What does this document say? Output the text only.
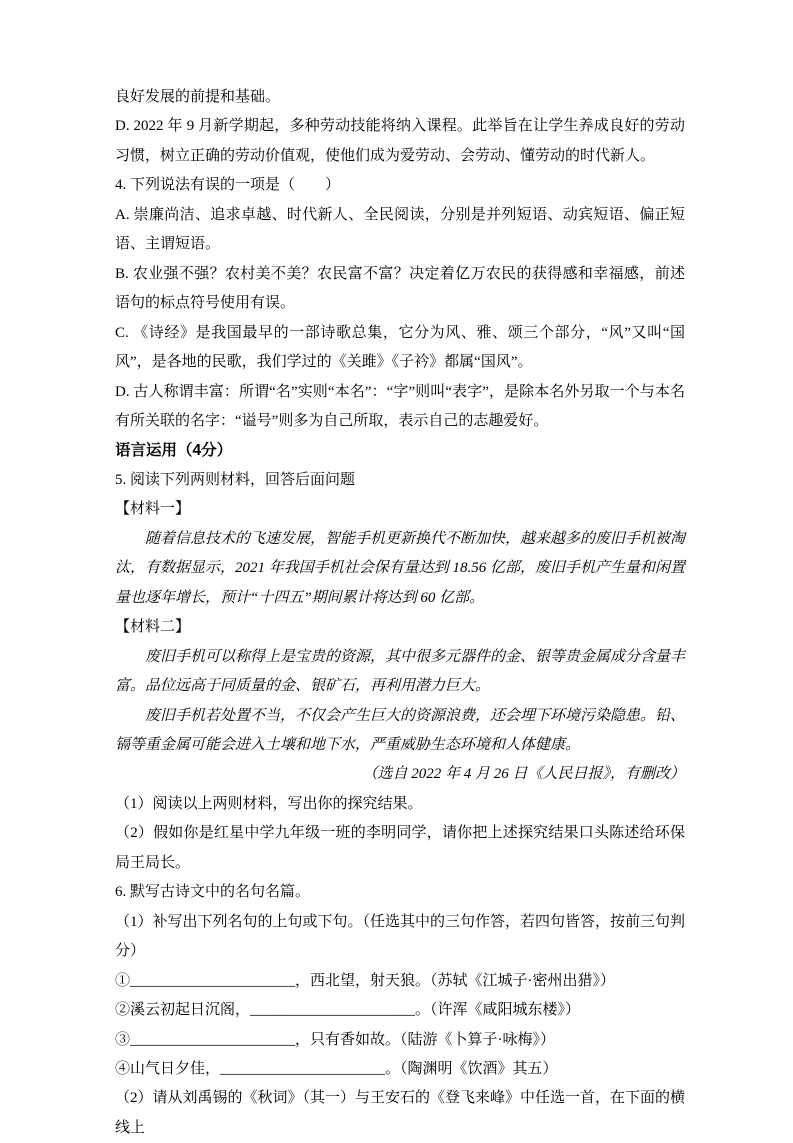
良好发展的前提和基础。

D. 2022 年 9 月新学期起，多种劳动技能将纳入课程。此举旨在让学生养成良好的劳动习惯，树立正确的劳动价值观，使他们成为爱劳动、会劳动、懂劳动的时代新人。

4. 下列说法有误的一项是（　　）

A. 崇廉尚洁、追求卓越、时代新人、全民阅读，分别是并列短语、动宾短语、偏正短语、主谓短语。

B. 农业强不强？农村美不美？农民富不富？决定着亿万农民的获得感和幸福感，前述语句的标点符号使用有误。

C. 《诗经》是我国最早的一部诗歌总集，它分为风、雅、颂三个部分，“风”又叫“国风”，是各地的民歌，我们学过的《关雎》《子衿》都属“国风”。

D. 古人称谓丰富：所谓“名”实则“本名”：“字”则叫“表字”，是除本名外另取一个与本名有所关联的名字：“谥号”则多为自己所取，表示自己的志趣爱好。

语言运用（4分）

5. 阅读下列两则材料，回答后面问题

【材料一】

随着信息技术的飞速发展，智能手机更新换代不断加快，越来越多的废旧手机被淘汰，有数据显示，2021 年我国手机社会保有量达到 18.56 亿部，废旧手机产生量和闲置量也逐年增长，预计“十四五”期间累计将达到 60 亿部。

【材料二】

废旧手机可以称得上是宝贵的资源，其中很多元器件的金、银等贵金属成分含量丰富。品位远高于同质量的金、银矿石，再利用潜力巨大。

废旧手机若处置不当，不仅会产生巨大的资源浪费，还会埋下环境污染隐患。铅、镉等重金属可能会进入土壤和地下水，严重威胁生态环境和人体健康。

（选自 2022 年 4 月 26 日《人民日报》，有删改）

（1）阅读以上两则材料，写出你的探究结果。

（2）假如你是红星中学九年级一班的李明同学，请你把上述探究结果口头陈述给环保局王局长。

6. 默写古诗文中的名句名篇。

（1）补写出下列名句的上句或下句。（任选其中的三句作答，若四句皆答，按前三句判分）

①______________________，西北望，射天狼。（苏轼《江城子·密州出猎》）

②溪云初起日沉阁，______________________。（许浑《咸阳城东楼》）

③______________________，只有香如故。（陆游《卜算子·咏梅》）

④山气日夕佳，______________________。（陶渊明《饮酒》其五）

（2）请从刘禹锡的《秋词》（其一）与王安石的《登飞来峰》中任选一首，在下面的横线上
